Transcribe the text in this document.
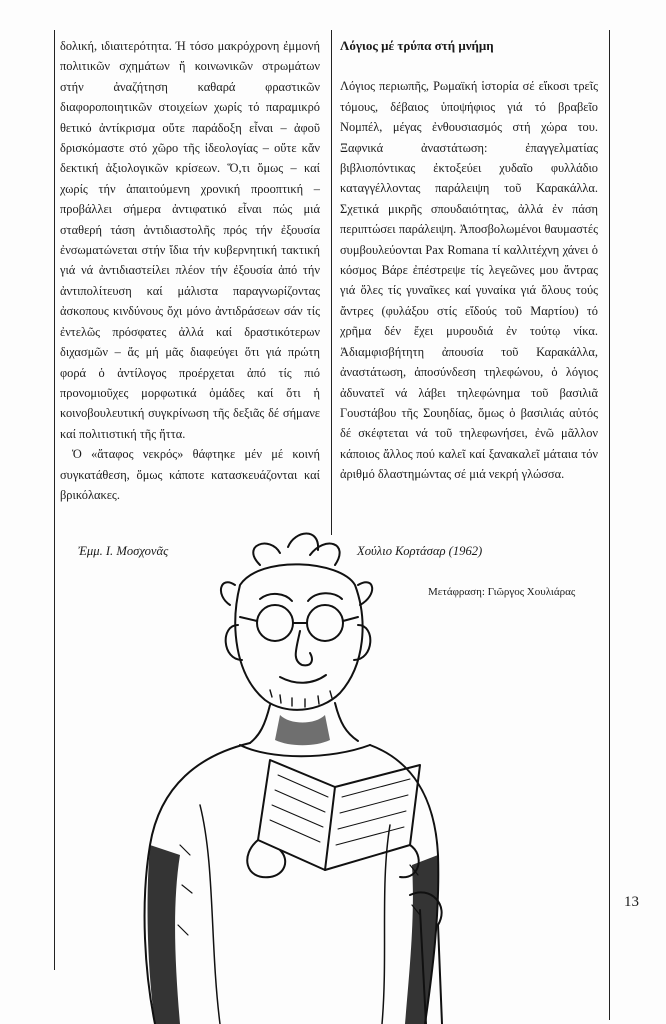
δολική, ιδιαιτερότητα. Ή τόσο μακρόχρονη ἐμμονή πολιτικῶν σχημάτων ἤ κοινωνικῶν στρωμάτων στήν ἀναζήτηση καθαρά φραστικῶν διαφοροποιητικῶν στοιχείων χωρίς τό παραμικρό θετικό ἀντίκρισμα οὔτε παράδοξη εἶναι – ἀφοῦ δρισκόμαστε στό χῶρο τῆς ἰδεολογίας – οὔτε κἄν δεκτική ἀξιολογικῶν κρίσεων. Ὅ,τι ὅμως – καί χωρίς τήν ἀπαιτούμενη χρονική προοπτική – προβάλλει σήμερα ἀντιφατικό εἶναι πώς μιά σταθερή τάση ἀντιδιαστολῆς πρός τήν ἐξουσία ἐνσωματώνεται στήν ἴδια τήν κυβερνητική τακτική γιά νά ἀντιδιαστείλει πλέον τήν ἐξουσία ἀπό τήν ἀντιπολίτευση καί μάλιστα παραγνωρίζοντας ἀσκοπους κινδύνους ὄχι μόνο ἀντιδράσεων σάν τίς ἐντελῶς πρόσφατες ἀλλά καί δραστικότερων διχασμῶν – ἄς μή μᾶς διαφεύγει ὅτι γιά πρώτη φορά ὁ ἀντίλογος προέρχεται ἀπό τίς πιό προνομιοῦχες μορφωτικά ὁμάδες καί ὅτι ἡ κοινοβουλευτική συγκρίνωση τῆς δεξιᾶς δέ σήμανε καί πολιτιστική τῆς ἥττα.

Ὁ «ἄταφος νεκρός» θάφτηκε μέν μέ κοινή συγκατάθεση, ὅμως κάποτε κατασκευάζονται καί βρικόλακες.

Λόγιος μέ τρύπα στή μνήμη

Λόγιος περιωπῆς, Ρωμαϊκή ἱστορία σέ εἴκοσι τρεῖς τόμους, δέβαιος ὑποψήφιος γιά τό βραβεῖο Νομπέλ, μέγας ἐνθουσιασμός στή χώρα του. Ξαφνικά ἀναστάτωση: ἐπαγγελματίας βιβλιοπόντικας ἐκτοξεύει χυδαῖο φυλλάδιο καταγγέλλοντας παράλειψη τοῦ Καρακάλλα. Σχετικά μικρῆς σπουδαιότητας, ἀλλά ἐν πάση περιπτώσει παράλειψη. Ἀποσβολωμένοι θαυμαστές συμβουλεύονται Pax Romana τί καλλιτέχνη χάνει ὁ κόσμος Βάρε ἐπέστρεψε τίς λεγεῶνες μου ἄντρας γιά ὅλες τίς γυναῖκες καί γυναίκα γιά ὅλους τούς ἄντρες (φυλάξου στίς εἴδούς τοῦ Μαρτίου) τό χρῆμα δέν ἔχει μυρουδιά ἐν τούτῳ νίκα. Ἀδιαμφισβήτητη ἀπουσία τοῦ Καρακάλλα, ἀναστάτωση, ἀποσύνδεση τηλεφώνου, ὁ λόγιος ἀδυνατεῖ νά λάβει τηλεφώνημα τοῦ βασιλιᾶ Γουστάβου τῆς Σουηδίας, ὅμως ὁ βασιλιάς αὐτός δέ σκέφτεται νά τοῦ τηλεφωνήσει, ἐνῶ μᾶλλον κάποιος ἄλλος πού καλεῖ καί ξανακαλεῖ μάταια τόν ἀριθμό δλαστημώντας σέ μιά νεκρή γλώσσα.

Ἐμμ. Ι. Μοσχονᾶς	Χούλιο Κορτάσαρ (1962)
Μετάφραση: Γιῶργος Χουλιάρας
13
